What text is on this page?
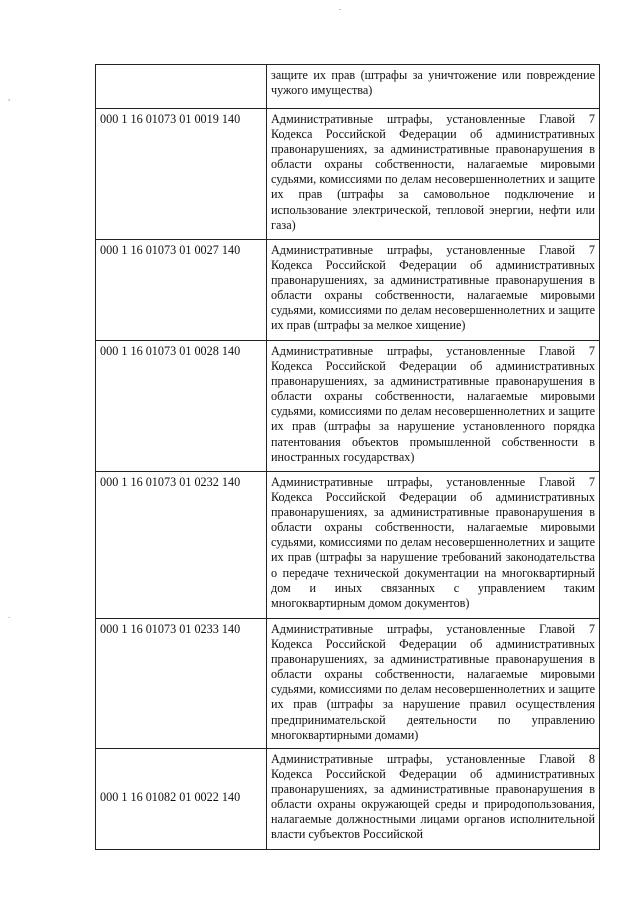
.
,
.
	защите их прав (штрафы за уничтожение или повреждение чужого имущества)
000 1 16 01073 01 0019 140	Административные штрафы, установленные Главой 7 Кодекса Российской Федерации об административных правонарушениях, за административные правонарушения в области охраны собственности, налагаемые мировыми судьями, комиссиями по делам несовершеннолетних и защите их прав (штрафы за самовольное подключение и использование электрической, тепловой энергии, нефти или газа)
000 1 16 01073 01 0027 140	Административные штрафы, установленные Главой 7 Кодекса Российской Федерации об административных правонарушениях, за административные правонарушения в области охраны собственности, налагаемые мировыми судьями, комиссиями по делам несовершеннолетних и защите их прав (штрафы за мелкое хищение)
000 1 16 01073 01 0028 140	Административные штрафы, установленные Главой 7 Кодекса Российской Федерации об административных правонарушениях, за административные правонарушения в области охраны собственности, налагаемые мировыми судьями, комиссиями по делам несовершеннолетних и защите их прав (штрафы за нарушение установленного порядка патентования объектов промышленной собственности в иностранных государствах)
000 1 16 01073 01 0232 140	Административные штрафы, установленные Главой 7 Кодекса Российской Федерации об административных правонарушениях, за административные правонарушения в области охраны собственности, налагаемые мировыми судьями, комиссиями по делам несовершеннолетних и защите их прав (штрафы за нарушение требований законодательства о передаче технической документации на многоквартирный дом и иных связанных с управлением таким многоквартирным домом документов)
000 1 16 01073 01 0233 140	Административные штрафы, установленные Главой 7 Кодекса Российской Федерации об административных правонарушениях, за административные правонарушения в области охраны собственности, налагаемые мировыми судьями, комиссиями по делам несовершеннолетних и защите их прав (штрафы за нарушение правил осуществления предпринимательской деятельности по управлению многоквартирными домами)
000 1 16 01082 01 0022 140	Административные штрафы, установленные Главой 8 Кодекса Российской Федерации об административных правонарушениях, за административные правонарушения в области охраны окружающей среды и природопользования, налагаемые должностными лицами органов исполнительной власти субъектов Российской
